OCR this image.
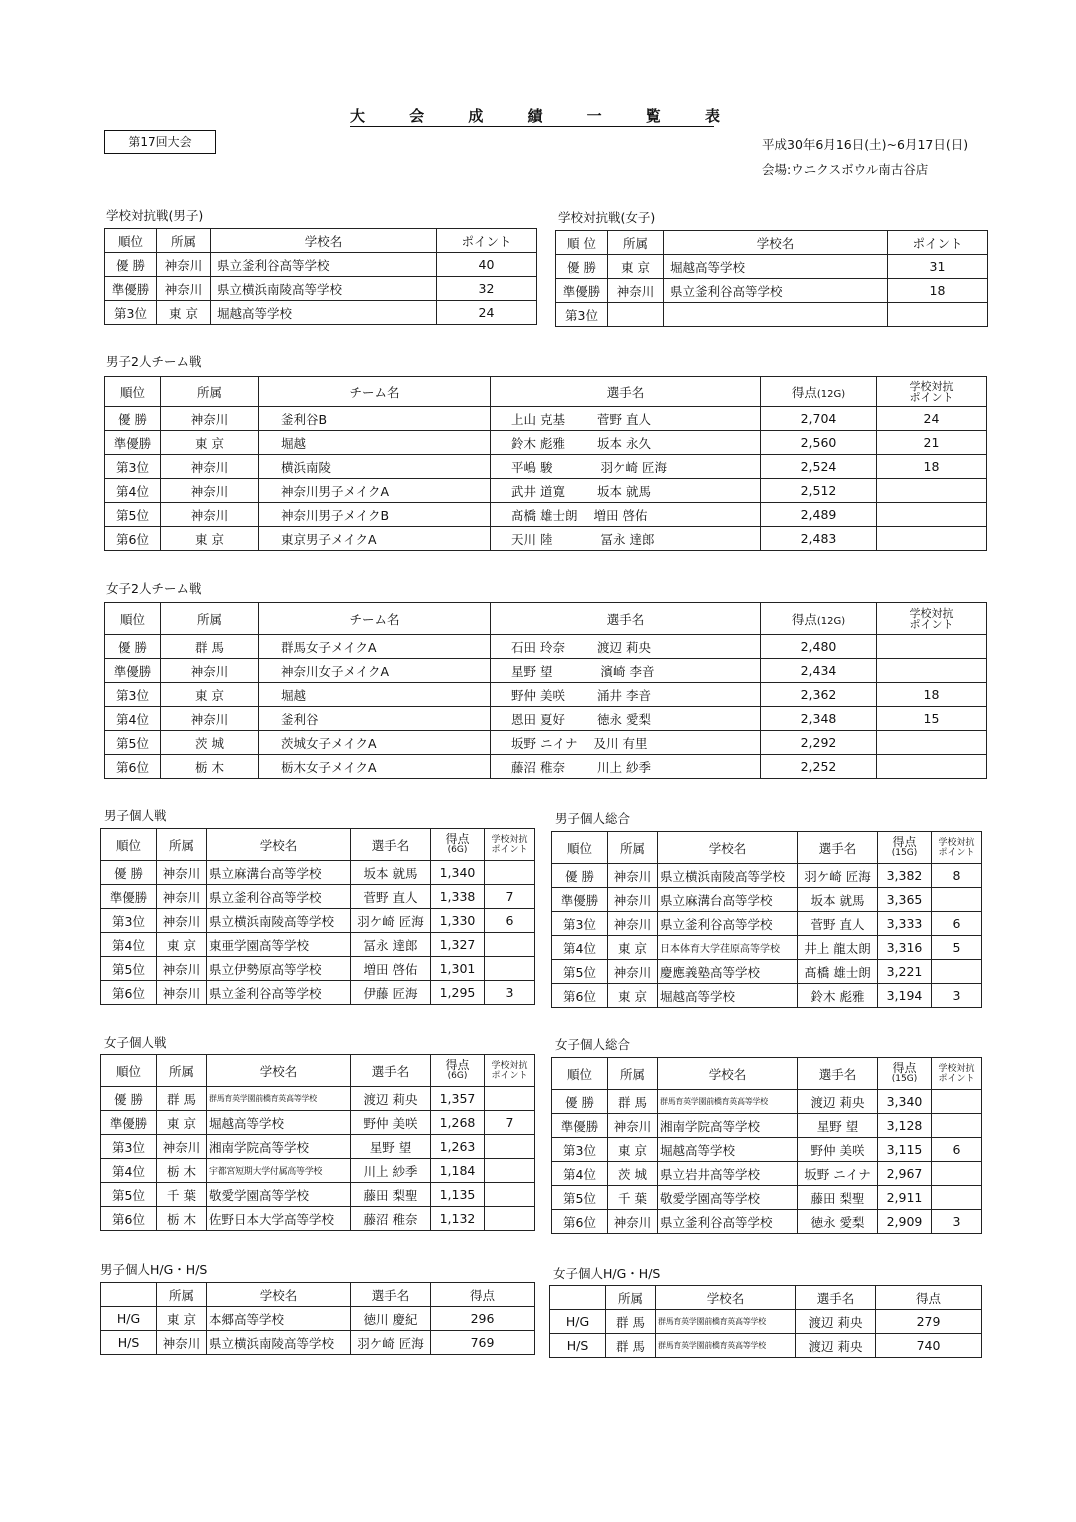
大	会	成	績	一	覧	表
第17回大会	平成30年6月16日(土)~6月17日(日)
会場:ウニクスボウル南古谷店
学校対抗戦(男子)
順位	所属	学校名	ポイント
優 勝	神奈川	県立釜利谷高等学校	40
準優勝	神奈川	県立横浜南陵高等学校	32
第3位	東 京	堀越高等学校	24
学校対抗戦(女子)
順 位	所属	学校名	ポイント
優 勝	東 京	堀越高等学校	31
準優勝	神奈川	県立釜利谷高等学校	18
第3位			
男子2人チーム戦
順位	所属	チーム名	選手名	得点(12G)	学校対抗
ポイント

優 勝	神奈川	釜利谷B	上山 克基 菅野 直人	2,704	24
準優勝	東 京	堀越	鈴木 彪雅 坂本 永久	2,560	21
第3位	神奈川	横浜南陵	平嶋 駿 羽ケ崎 匠海	2,524	18
第4位	神奈川	神奈川男子メイクA	武井 道寛 坂本 就馬	2,512	
第5位	神奈川	神奈川男子メイクB	髙橋 雄士朗 増田 啓佑	2,489	
第6位	東 京	東京男子メイクA	天川 陸 冨永 達郎	2,483	
女子2人チーム戦
順位	所属	チーム名	選手名	得点(12G)	学校対抗
ポイント

優 勝	群 馬	群馬女子メイクA	石田 玲奈 渡辺 莉央	2,480	
準優勝	神奈川	神奈川女子メイクA	星野 望 濱崎 李音	2,434	
第3位	東 京	堀越	野仲 美咲 涌井 李音	2,362	18
第4位	神奈川	釜利谷	恩田 夏好 徳永 愛梨	2,348	15
第5位	茨 城	茨城女子メイクA	坂野 ニイナ 及川 有里	2,292	
第6位	栃 木	栃木女子メイクA	藤沼 稚奈 川上 紗季	2,252	
男子個人戦
順位	所属	学校名	選手名	得点
(6G)	学校対抗
ポイント

優 勝	神奈川	県立麻溝台高等学校	坂本 就馬	1,340	
準優勝	神奈川	県立釜利谷高等学校	菅野 直人	1,338	7
第3位	神奈川	県立横浜南陵高等学校	羽ケ崎 匠海	1,330	6
第4位	東 京	東亜学園高等学校	冨永 達郎	1,327	
第5位	神奈川	県立伊勢原高等学校	増田 啓佑	1,301	
第6位	神奈川	県立釜利谷高等学校	伊藤 匠海	1,295	3
男子個人総合
順位	所属	学校名	選手名	得点
(15G)	学校対抗
ポイント

優 勝	神奈川	県立横浜南陵高等学校	羽ケ崎 匠海	3,382	8
準優勝	神奈川	県立麻溝台高等学校	坂本 就馬	3,365	
第3位	神奈川	県立釜利谷高等学校	菅野 直人	3,333	6
第4位	東 京	日本体育大学荏原高等学校	井上 龍太朗	3,316	5
第5位	神奈川	慶應義塾高等学校	髙橋 雄士朗	3,221	
第6位	東 京	堀越高等学校	鈴木 彪雅	3,194	3
女子個人戦
順位	所属	学校名	選手名	得点
(6G)	学校対抗
ポイント

優 勝	群 馬	群馬育英学園前橋育英高等学校	渡辺 莉央	1,357	
準優勝	東 京	堀越高等学校	野仲 美咲	1,268	7
第3位	神奈川	湘南学院高等学校	星野 望	1,263	
第4位	栃 木	宇都宮短期大学付属高等学校	川上 紗季	1,184	
第5位	千 葉	敬愛学園高等学校	藤田 梨聖	1,135	
第6位	栃 木	佐野日本大学高等学校	藤沼 稚奈	1,132	
女子個人総合
順位	所属	学校名	選手名	得点
(15G)	学校対抗
ポイント

優 勝	群 馬	群馬育英学園前橋育英高等学校	渡辺 莉央	3,340	
準優勝	神奈川	湘南学院高等学校	星野 望	3,128	
第3位	東 京	堀越高等学校	野仲 美咲	3,115	6
第4位	茨 城	県立岩井高等学校	坂野 ニイナ	2,967	
第5位	千 葉	敬愛学園高等学校	藤田 梨聖	2,911	
第6位	神奈川	県立釜利谷高等学校	徳永 愛梨	2,909	3
男子個人H/G・H/S
	所属	学校名	選手名	得点
H/G	東 京	本郷高等学校	徳川 慶紀	296
H/S	神奈川	県立横浜南陵高等学校	羽ケ崎 匠海	769
女子個人H/G・H/S
	所属	学校名	選手名	得点
H/G	群 馬	群馬育英学園前橋育英高等学校	渡辺 莉央	279
H/S	群 馬	群馬育英学園前橋育英高等学校	渡辺 莉央	740
